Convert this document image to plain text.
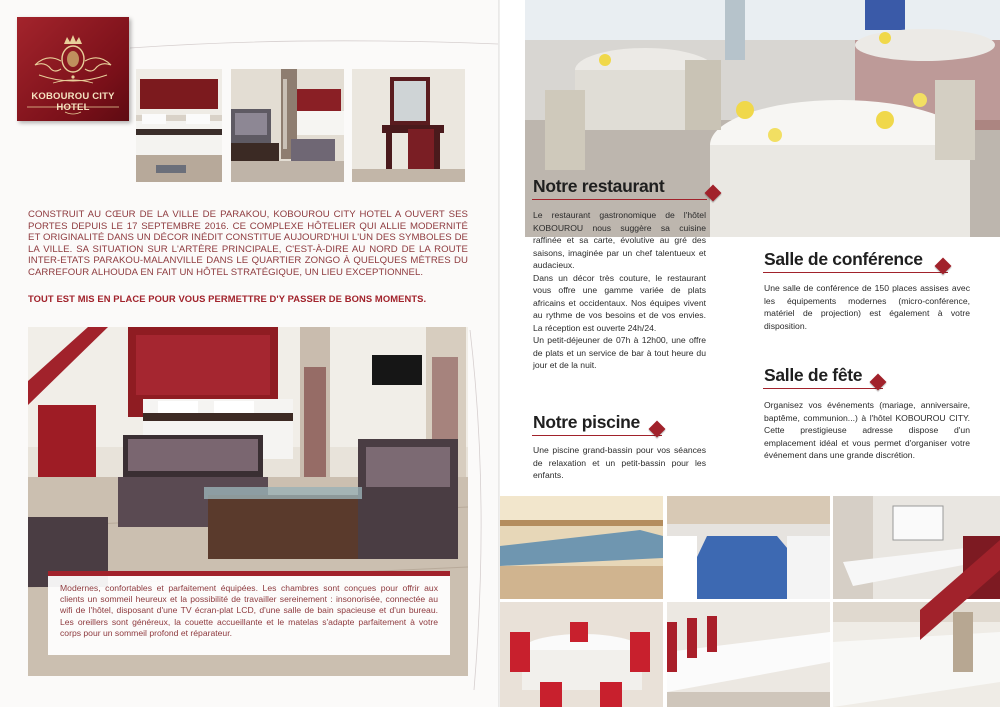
KOBOUROU CITY HOTEL
CONSTRUIT AU CŒUR DE LA VILLE DE PARAKOU, KOBOUROU CITY HOTEL A OUVERT SES PORTES DEPUIS LE 17 SEPTEMBRE 2016. CE COMPLEXE HÔTELIER QUI ALLIE MODERNITÉ ET ORIGINALITÉ DANS UN DÉCOR INÉDIT CONSTITUE AUJOURD'HUI L'UN DES SYMBOLES DE LA VILLE. SA SITUATION SUR L'ARTÈRE PRINCIPALE, C'EST-À-DIRE AU NORD DE LA ROUTE INTER-ETATS PARAKOU-MALANVILLE DANS LE QUARTIER ZONGO À QUELQUES MÈTRES DU CARREFOUR ALHOUDA EN FAIT UN HÔTEL STRATÉGIQUE, UN LIEU EXCEPTIONNEL.
TOUT EST MIS EN PLACE POUR VOUS PERMETTRE D'Y PASSER DE BONS MOMENTS.

Modernes, confortables et parfaitement équipées. Les chambres sont conçues pour offrir aux clients un sommeil heureux et la possibilité de travailler sereinement : insonorisée, connectée au wifi de l'hôtel, disposant d'une TV écran-plat LCD, d'une salle de bain spacieuse et d'un bureau. Les oreillers sont généreux, la couette accueillante et le matelas s'adapte parfaitement à votre corps pour un sommeil profond et réparateur.

Notre restaurant

Le restaurant gastronomique de l'hôtel KOBOUROU nous suggère sa cuisine raffinée et sa carte, évolutive au gré des saisons, imaginée par un chef talentueux et audacieux.

Dans un décor très couture, le restaurant vous offre une gamme variée de plats africains et occidentaux. Nos équipes vivent au rythme de vos besoins et de vos envies. La réception est ouverte 24h/24.

Un petit-déjeuner de 07h à 12h00, une offre de plats et un service de bar à tout heure du jour et de la nuit.

Notre piscine
Une piscine grand-bassin pour vos séances de relaxation et un petit-bassin pour les enfants.
Salle de conférence
Une salle de conférence de 150 places assises avec les équipements modernes (micro-conférence, matériel de projection) est également à votre disposition.
Salle de fête
Organisez vos événements (mariage, anniversaire, baptême, communion...) à l'hôtel KOBOUROU CITY. Cette prestigieuse adresse dispose d'un emplacement idéal et vous permet d'organiser votre événement dans une grande discrétion.
